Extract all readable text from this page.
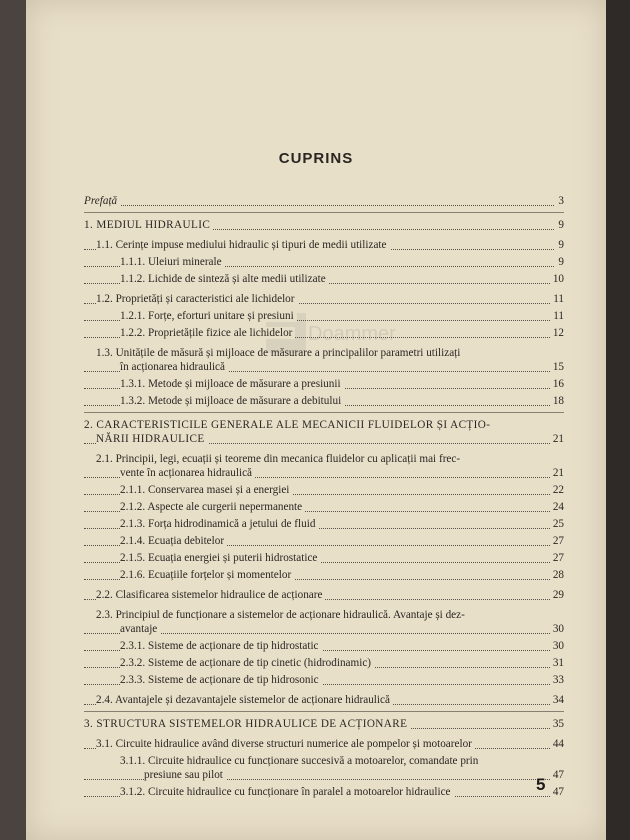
Doammer
CUPRINS
Prefață	3
1. MEDIUL HIDRAULIC	9
1.1. Cerințe impuse mediului hidraulic și tipuri de medii utilizate	9
1.1.1. Uleiuri minerale	9
1.1.2. Lichide de sinteză și alte medii utilizate	10
1.2. Proprietăți și caracteristici ale lichidelor	11
1.2.1. Forțe, eforturi unitare și presiuni	11
1.2.2. Proprietățile fizice ale lichidelor	12
1.3. Unitățile de măsură și mijloace de măsurare a principalilor parametri utilizați
în acționarea hidraulică	15
1.3.1. Metode și mijloace de măsurare a presiunii	16
1.3.2. Metode și mijloace de măsurare a debitului	18
2. CARACTERISTICILE GENERALE ALE MECANICII FLUIDELOR ȘI ACȚIO-
NĂRII HIDRAULICE	21
2.1. Principii, legi, ecuații și teoreme din mecanica fluidelor cu aplicații mai frec-
vente în acționarea hidraulică	21
2.1.1. Conservarea masei și a energiei	22
2.1.2. Aspecte ale curgerii nepermanente	24
2.1.3. Forța hidrodinamică a jetului de fluid	25
2.1.4. Ecuația debitelor	27
2.1.5. Ecuația energiei și puterii hidrostatice	27
2.1.6. Ecuațiile forțelor și momentelor	28
2.2. Clasificarea sistemelor hidraulice de acționare	29
2.3. Principiul de funcționare a sistemelor de acționare hidraulică. Avantaje și dez-
avantaje	30
2.3.1. Sisteme de acționare de tip hidrostatic	30
2.3.2. Sisteme de acționare de tip cinetic (hidrodinamic)	31
2.3.3. Sisteme de acționare de tip hidrosonic	33
2.4. Avantajele și dezavantajele sistemelor de acționare hidraulică	34
3. STRUCTURA SISTEMELOR HIDRAULICE DE ACȚIONARE	35
3.1. Circuite hidraulice având diverse structuri numerice ale pompelor și motoarelor	44
3.1.1. Circuite hidraulice cu funcționare succesivă a motoarelor, comandate prin
presiune sau pilot	47
3.1.2. Circuite hidraulice cu funcționare în paralel a motoarelor hidraulice	47
5
